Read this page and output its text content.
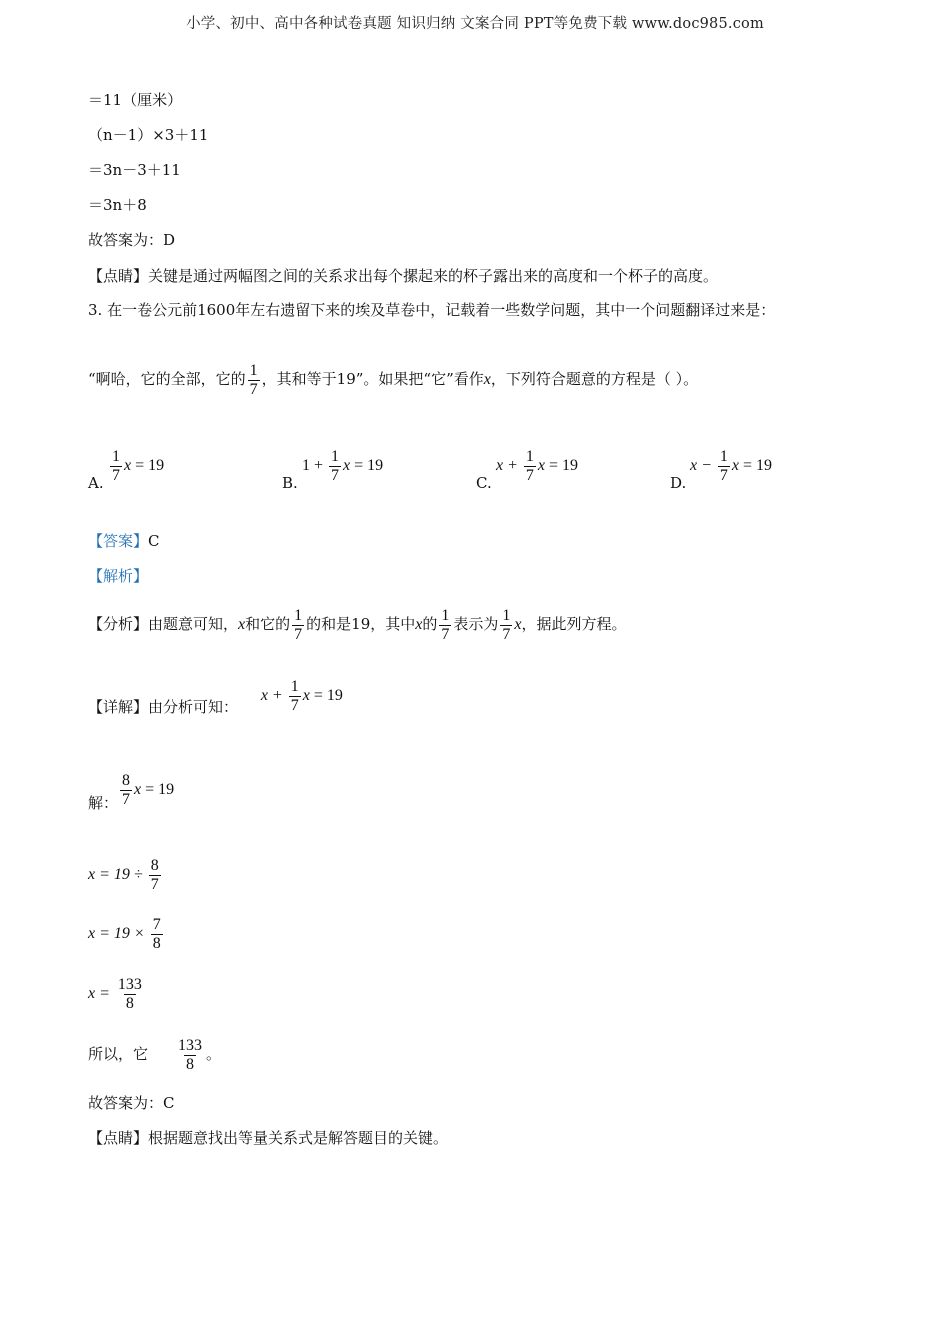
小学、初中、高中各种试卷真题 知识归纳 文案合同 PPT等免费下载 www.doc985.com
＝11（厘米）
（n－1）×3＋11
＝3n－3＋11
＝3n＋8
故答案为：D
【点睛】关键是通过两幅图之间的关系求出每个摞起来的杯子露出来的高度和一个杯子的高度。
3. 在一卷公元前1600年左右遗留下来的埃及草卷中，记载着一些数学问题，其中一个问题翻译过来是：
“啊哈，它的全部，它的 $\frac{1}{7}$ ，其和等于19”。如果把“它”看作x，下列符合题意的方程是（ ）。
A. $\frac{1}{7}$ x = 19
B.
$1 + \frac{1}{7}$ x = 19
C.
$x + \frac{1}{7}$ x = 19
D.
$x - \frac{1}{7}$ x = 19
【答案】C
【解析】
【分析】由题意可知，x和它的 $\frac{1}{7}$ 的和是19，其中x的 $\frac{1}{7}$ 表示为 $\frac{1}{7}$ x，据此列方程。
【详解】由分析可知： $x + \frac{1}{7}$ x = 19
解： $\frac{8}{7}$ x = 19
$x = 19 \div \frac{8}{7}$
$x = 19 \times \frac{7}{8}$
$x = \frac{133}{8}$
所以，它 $\frac{133}{8}$ 。
故答案为：C
【点睛】根据题意找出等量关系式是解答题目的关键。
